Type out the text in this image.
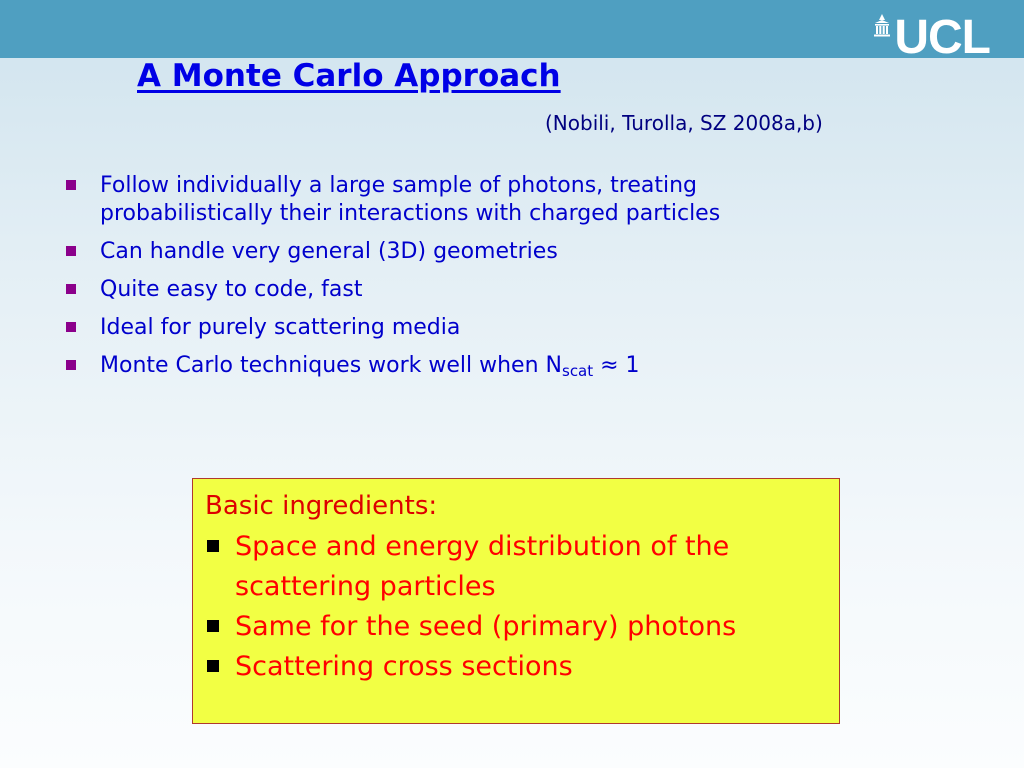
UCL
A Monte Carlo Approach
(Nobili, Turolla, SZ 2008a,b)
Follow individually a large sample of photons, treating
probabilistically their interactions with charged particles
Can handle very general (3D) geometries
Quite easy to code, fast
Ideal for purely scattering media
Monte Carlo techniques work well when $N_{scat} \approx 1$
Basic ingredients:
Space and energy distribution of the
scattering particles
Same for the seed (primary) photons
Scattering cross sections
